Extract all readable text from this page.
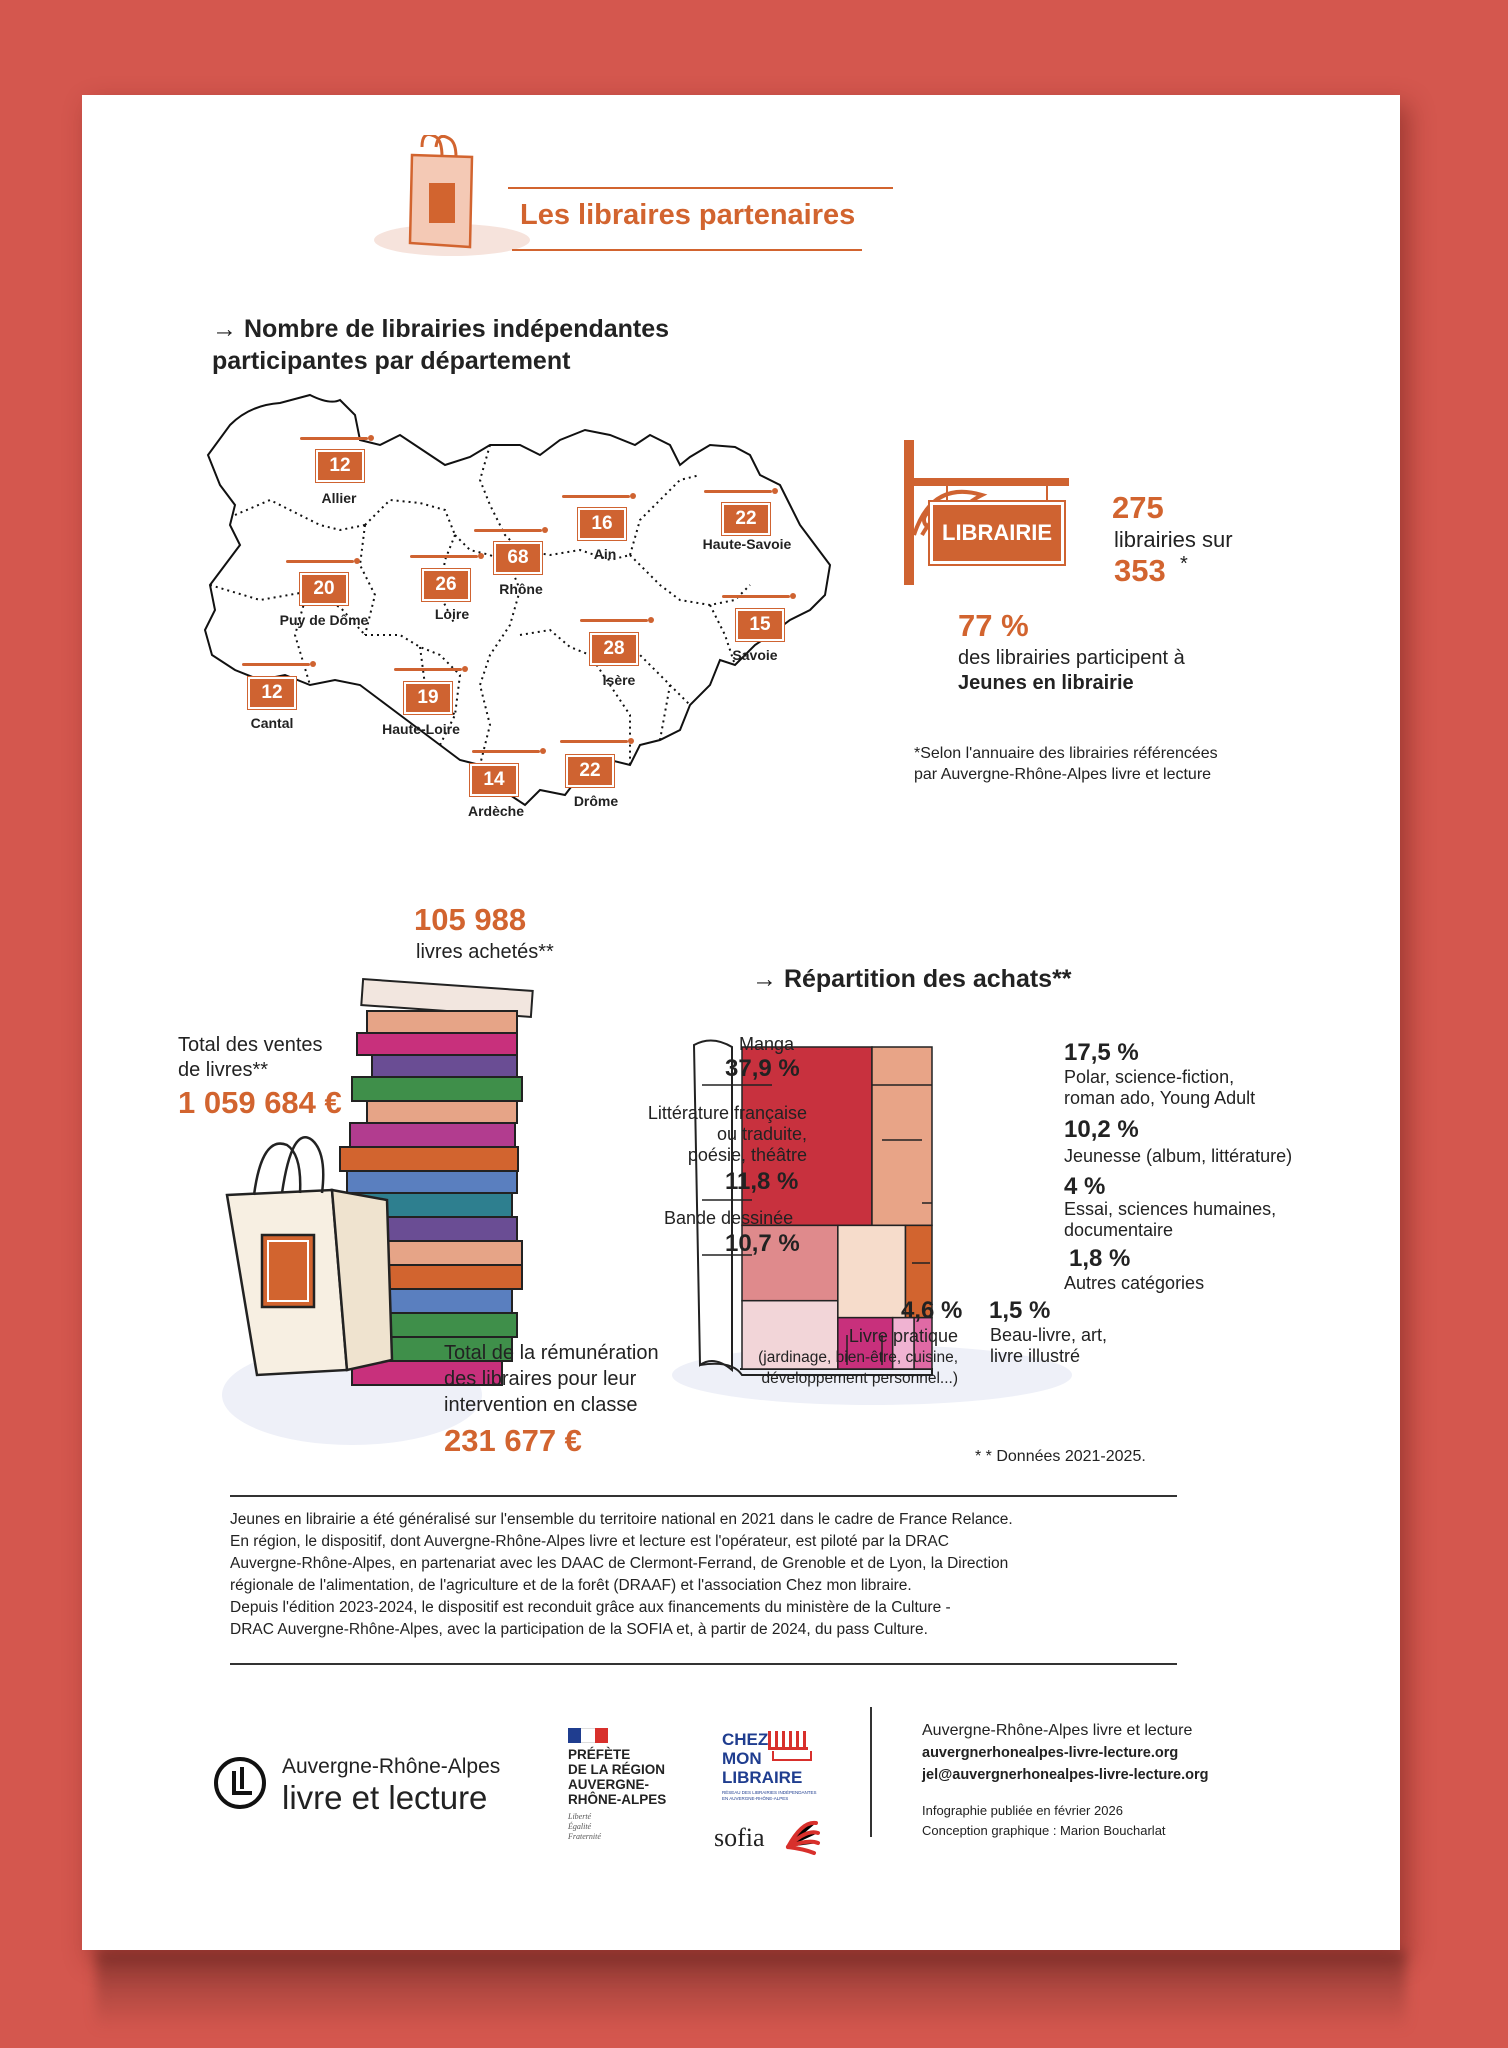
Les libraires partenaires
→ Nombre de librairies indépendantes
participantes par département
12
Allier
20
Puy de Dôme
26
Loire
68
Rhône
16
Ain
22
Haute-Savoie
15
Savoie
28
Isère
12
Cantal
19
Haute-Loire
14
Ardèche
22
Drôme
LIBRAIRIE
275
librairies sur
353 *
77 %
des librairies participent à
Jeunes en librairie
*Selon l'annuaire des librairies référencées
par Auvergne-Rhône-Alpes livre et lecture
105 988
livres achetés**
Total des ventes
de livres**
1 059 684 €
Total de la rémunération
des libraires pour leur
intervention en classe
231 677 €
→ Répartition des achats**
Manga
37,9 %
Littérature française
ou traduite,
poésie, théâtre
11,8 %
Bande dessinée
10,7 %
17,5 %
Polar, science-fiction,
roman ado, Young Adult
10,2 %
Jeunesse (album, littérature)
4 %
Essai, sciences humaines,
documentaire
1,8 %
Autres catégories
4,6 %
Livre pratique
(jardinage, bien-être, cuisine,
développement personnel...)
1,5 %
Beau-livre, art,
livre illustré
* * Données 2021-2025.
Jeunes en librairie a été généralisé sur l'ensemble du territoire national en 2021 dans le cadre de France Relance.
En région, le dispositif, dont Auvergne-Rhône-Alpes livre et lecture est l'opérateur, est piloté par la DRAC
Auvergne-Rhône-Alpes, en partenariat avec les DAAC de Clermont-Ferrand, de Grenoble et de Lyon, la Direction
régionale de l'alimentation, de l'agriculture et de la forêt (DRAAF) et l'association Chez mon libraire.
Depuis l'édition 2023-2024, le dispositif est reconduit grâce aux financements du ministère de la Culture -
DRAC Auvergne-Rhône-Alpes, avec la participation de la SOFIA et, à partir de 2024, du pass Culture.
Auvergne-Rhône-Alpes
livre et lecture
PRÉFÈTE
DE LA RÉGION
AUVERGNE-
RHÔNE-ALPES
Liberté
Égalité
Fraternité
CHEZ
MON
LIBRAIRE
RÉSEAU DES LIBRAIRIES INDÉPENDANTES EN AUVERGNE-RHÔNE-ALPES
sofia
Auvergne-Rhône-Alpes livre et lecture
auvergnerhonealpes-livre-lecture.org
jel@auvergnerhonealpes-livre-lecture.org
Infographie publiée en février 2026
Conception graphique : Marion Boucharlat
